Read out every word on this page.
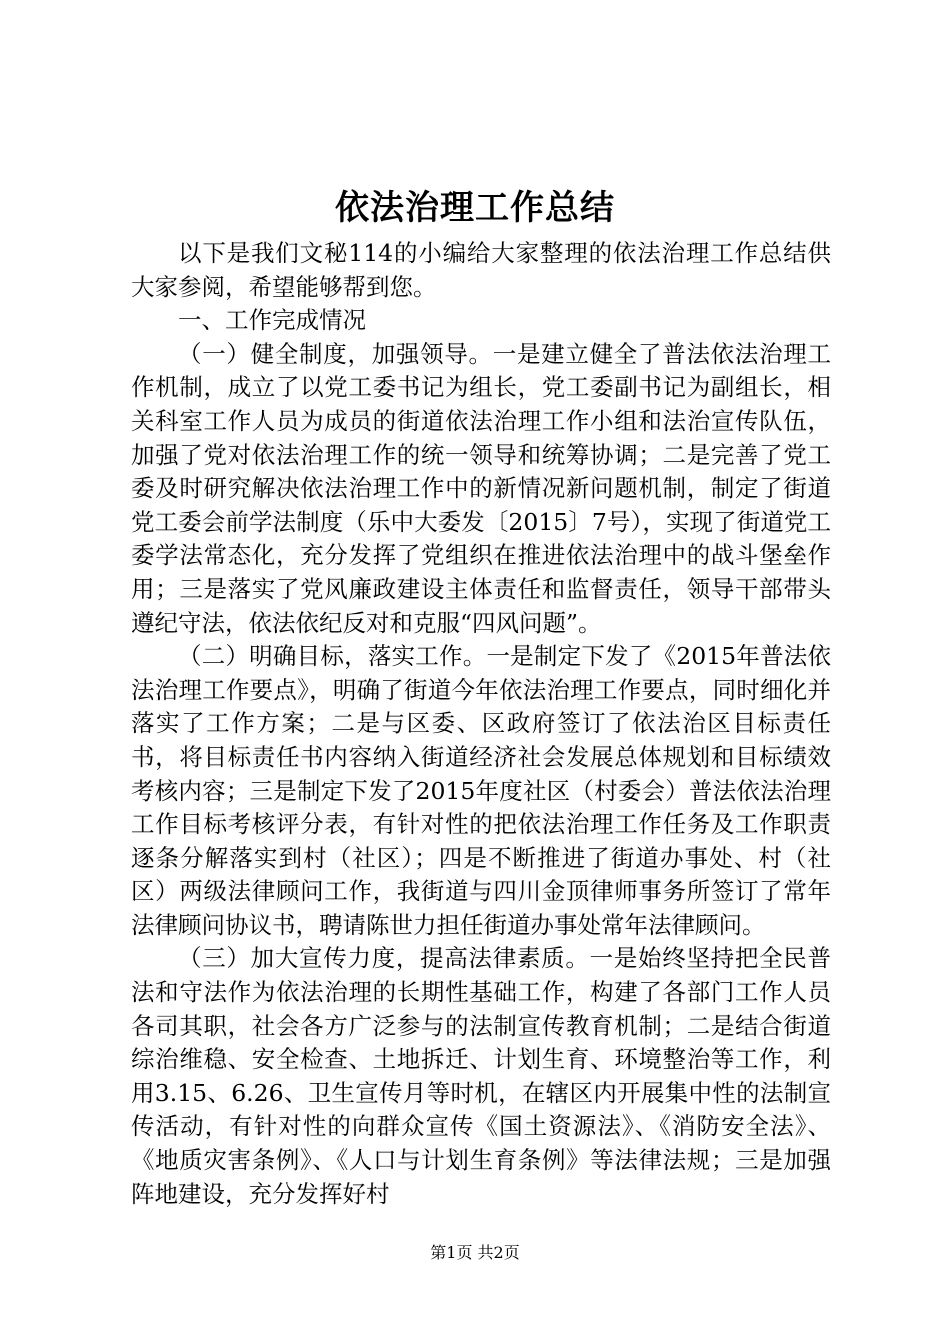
依法治理工作总结

以下是我们文秘114的小编给大家整理的依法治理工作总结供大家参阅，希望能够帮到您。

一、工作完成情况

（一）健全制度，加强领导。一是建立健全了普法依法治理工作机制，成立了以党工委书记为组长，党工委副书记为副组长，相关科室工作人员为成员的街道依法治理工作小组和法治宣传队伍，加强了党对依法治理工作的统一领导和统筹协调；二是完善了党工委及时研究解决依法治理工作中的新情况新问题机制，制定了街道党工委会前学法制度（乐中大委发〔2015〕7号），实现了街道党工委学法常态化，充分发挥了党组织在推进依法治理中的战斗堡垒作用；三是落实了党风廉政建设主体责任和监督责任，领导干部带头遵纪守法，依法依纪反对和克服“四风问题”。

（二）明确目标，落实工作。一是制定下发了《2015年普法依法治理工作要点》，明确了街道今年依法治理工作要点，同时细化并落实了工作方案；二是与区委、区政府签订了依法治区目标责任书，将目标责任书内容纳入街道经济社会发展总体规划和目标绩效考核内容；三是制定下发了2015年度社区（村委会）普法依法治理工作目标考核评分表，有针对性的把依法治理工作任务及工作职责逐条分解落实到村（社区）；四是不断推进了街道办事处、村（社区）两级法律顾问工作，我街道与四川金顶律师事务所签订了常年法律顾问协议书，聘请陈世力担任街道办事处常年法律顾问。

（三）加大宣传力度，提高法律素质。一是始终坚持把全民普法和守法作为依法治理的长期性基础工作，构建了各部门工作人员各司其职，社会各方广泛参与的法制宣传教育机制；二是结合街道综治维稳、安全检查、土地拆迁、计划生育、环境整治等工作，利用3.15、6.26、卫生宣传月等时机，在辖区内开展集中性的法制宣传活动，有针对性的向群众宣传《国土资源法》、《消防安全法》、《地质灾害条例》、《人口与计划生育条例》等法律法规；三是加强阵地建设，充分发挥好村

第1页 共2页
